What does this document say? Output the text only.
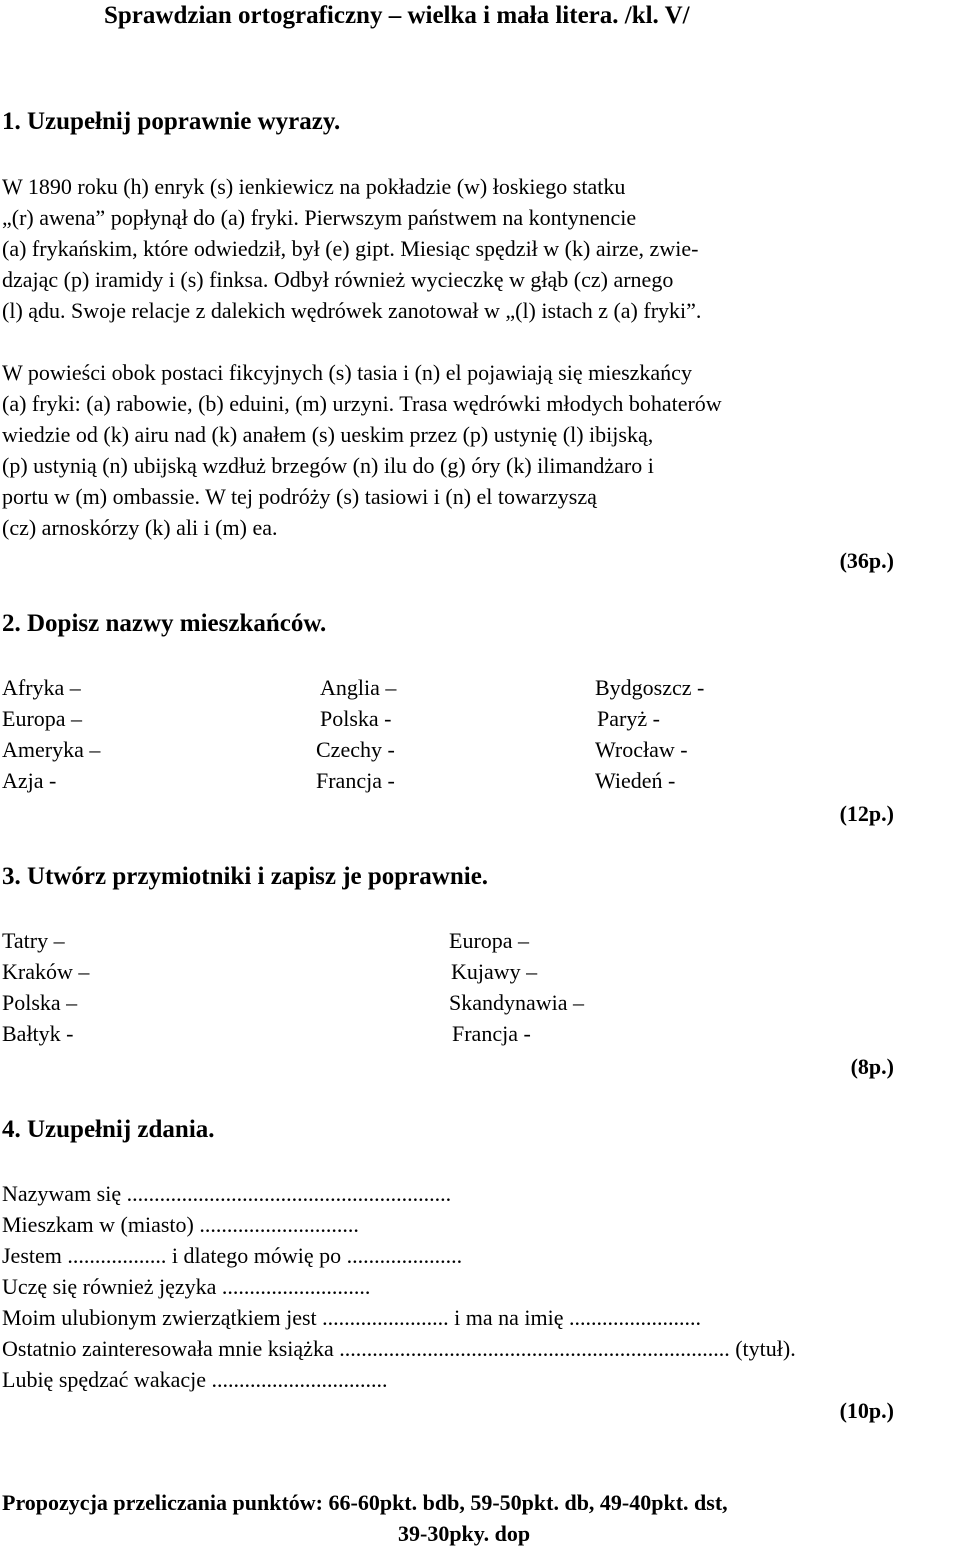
Sprawdzian ortograficzny – wielka i mała litera. /kl. V/
1. Uzupełnij poprawnie wyrazy.
W 1890 roku (h) enryk (s) ienkiewicz na pokładzie (w) łoskiego statku
„(r) awena” popłynął do (a) fryki. Pierwszym państwem na kontynencie
(a) frykańskim, które odwiedził, był (e) gipt. Miesiąc spędził w (k) airze, zwie-
dzając (p) iramidy i (s) finksa. Odbył również wycieczkę w głąb (cz) arnego
(l) ądu. Swoje relacje z dalekich wędrówek zanotował w „(l) istach z (a) fryki”.
W powieści obok postaci fikcyjnych (s) tasia i (n) el pojawiają się mieszkańcy
(a) fryki: (a) rabowie, (b) eduini, (m) urzyni. Trasa wędrówki młodych bohaterów
wiedzie od (k) airu nad (k) anałem (s) ueskim przez (p) ustynię (l) ibijską,
(p) ustynią (n) ubijską wzdłuż brzegów (n) ilu do (g) óry (k) ilimandżaro i
portu w (m) ombassie. W tej podróży (s) tasiowi i (n) el towarzyszą
(cz) arnoskórzy (k) ali i (m) ea.
(36p.)
2. Dopisz nazwy mieszkańców.
Afryka –
Europa –
Ameryka –
Azja -
Anglia –
Polska -
Czechy -
Francja -
Bydgoszcz -
Paryż -
Wrocław -
Wiedeń -
(12p.)
3. Utwórz przymiotniki i zapisz je poprawnie.
Tatry –
Kraków –
Polska –
Bałtyk -
Europa –
Kujawy –
Skandynawia –
Francja -
(8p.)
4. Uzupełnij zdania.
Nazywam się ...........................................................
Mieszkam w (miasto) .............................
Jestem .................. i dlatego mówię po .....................
Uczę się również języka ...........................
Moim ulubionym zwierzątkiem jest ....................... i ma na imię ........................
Ostatnio zainteresowała mnie książka ....................................................................... (tytuł).
Lubię spędzać wakacje ................................
(10p.)
Propozycja przeliczania punktów: 66-60pkt. bdb, 59-50pkt. db, 49-40pkt. dst,
39-30pky. dop
